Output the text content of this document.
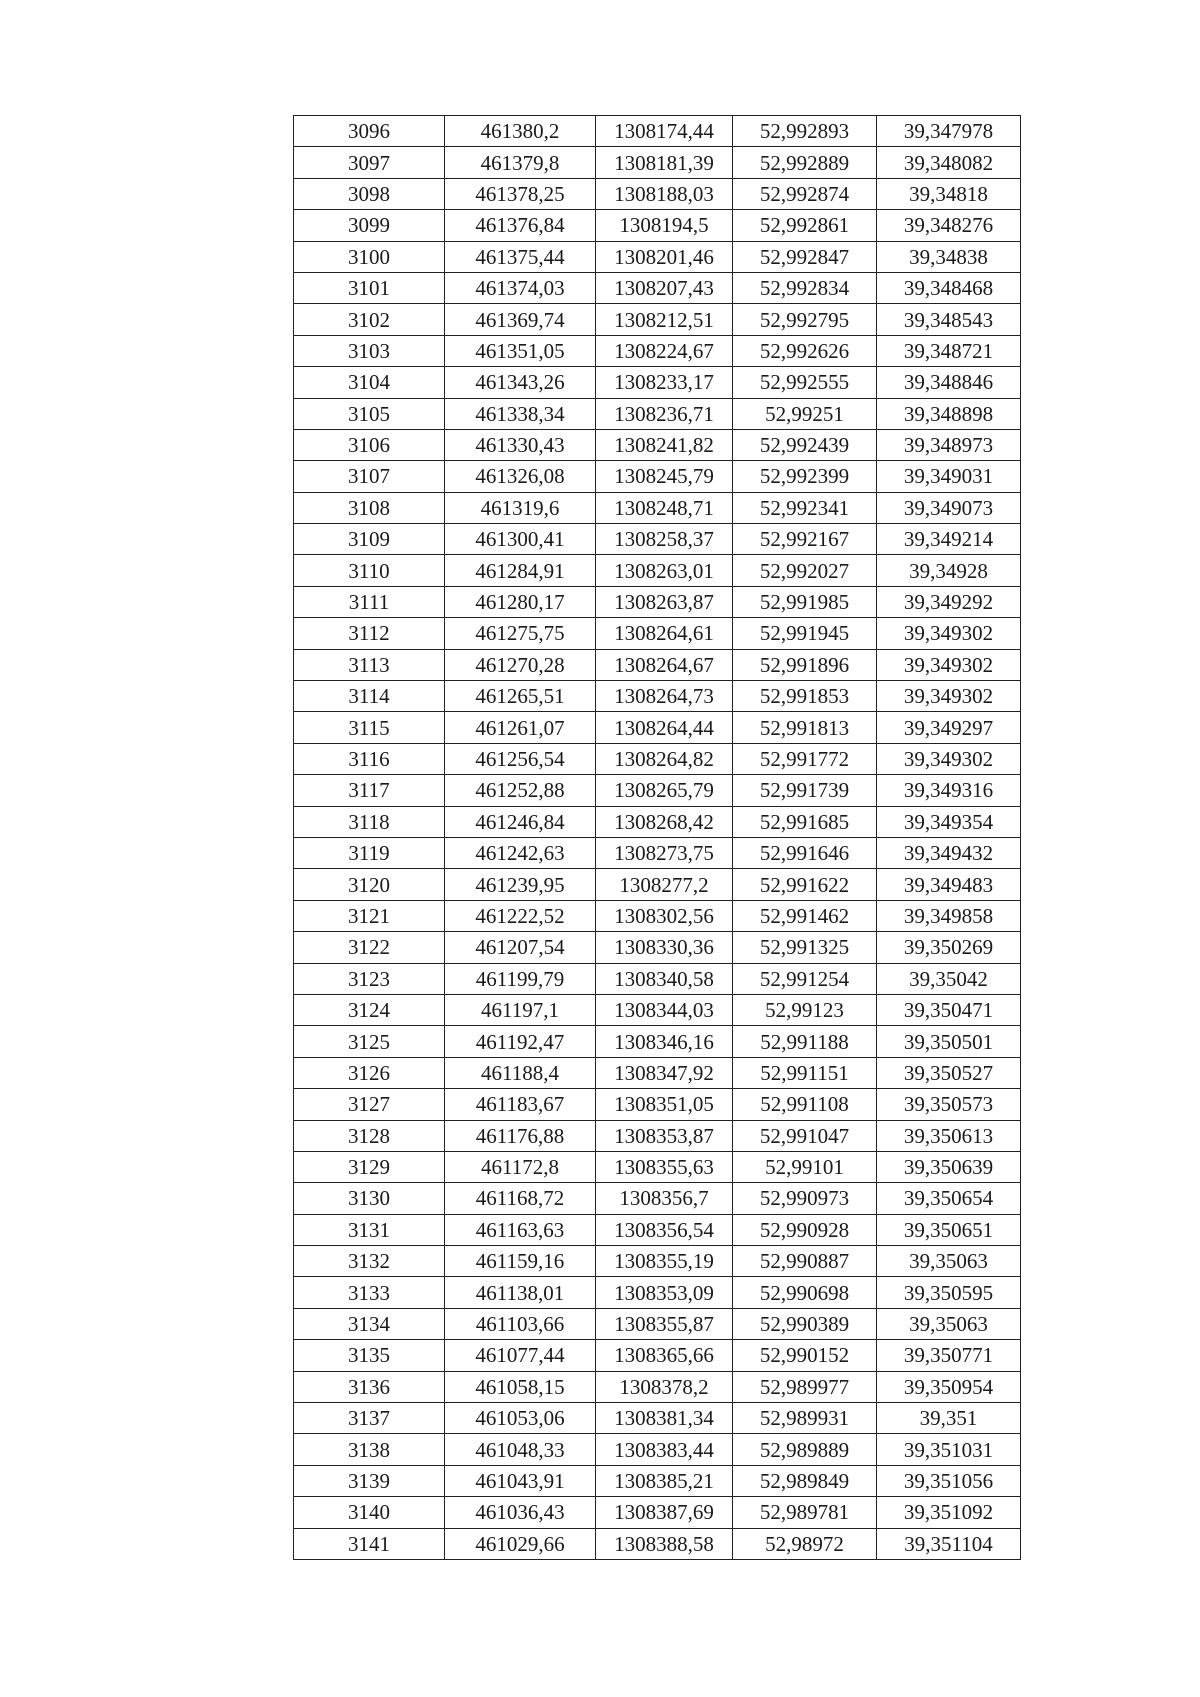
3096	461380,2	1308174,44	52,992893	39,347978
3097	461379,8	1308181,39	52,992889	39,348082
3098	461378,25	1308188,03	52,992874	39,34818
3099	461376,84	1308194,5	52,992861	39,348276
3100	461375,44	1308201,46	52,992847	39,34838
3101	461374,03	1308207,43	52,992834	39,348468
3102	461369,74	1308212,51	52,992795	39,348543
3103	461351,05	1308224,67	52,992626	39,348721
3104	461343,26	1308233,17	52,992555	39,348846
3105	461338,34	1308236,71	52,99251	39,348898
3106	461330,43	1308241,82	52,992439	39,348973
3107	461326,08	1308245,79	52,992399	39,349031
3108	461319,6	1308248,71	52,992341	39,349073
3109	461300,41	1308258,37	52,992167	39,349214
3110	461284,91	1308263,01	52,992027	39,34928
3111	461280,17	1308263,87	52,991985	39,349292
3112	461275,75	1308264,61	52,991945	39,349302
3113	461270,28	1308264,67	52,991896	39,349302
3114	461265,51	1308264,73	52,991853	39,349302
3115	461261,07	1308264,44	52,991813	39,349297
3116	461256,54	1308264,82	52,991772	39,349302
3117	461252,88	1308265,79	52,991739	39,349316
3118	461246,84	1308268,42	52,991685	39,349354
3119	461242,63	1308273,75	52,991646	39,349432
3120	461239,95	1308277,2	52,991622	39,349483
3121	461222,52	1308302,56	52,991462	39,349858
3122	461207,54	1308330,36	52,991325	39,350269
3123	461199,79	1308340,58	52,991254	39,35042
3124	461197,1	1308344,03	52,99123	39,350471
3125	461192,47	1308346,16	52,991188	39,350501
3126	461188,4	1308347,92	52,991151	39,350527
3127	461183,67	1308351,05	52,991108	39,350573
3128	461176,88	1308353,87	52,991047	39,350613
3129	461172,8	1308355,63	52,99101	39,350639
3130	461168,72	1308356,7	52,990973	39,350654
3131	461163,63	1308356,54	52,990928	39,350651
3132	461159,16	1308355,19	52,990887	39,35063
3133	461138,01	1308353,09	52,990698	39,350595
3134	461103,66	1308355,87	52,990389	39,35063
3135	461077,44	1308365,66	52,990152	39,350771
3136	461058,15	1308378,2	52,989977	39,350954
3137	461053,06	1308381,34	52,989931	39,351
3138	461048,33	1308383,44	52,989889	39,351031
3139	461043,91	1308385,21	52,989849	39,351056
3140	461036,43	1308387,69	52,989781	39,351092
3141	461029,66	1308388,58	52,98972	39,351104
